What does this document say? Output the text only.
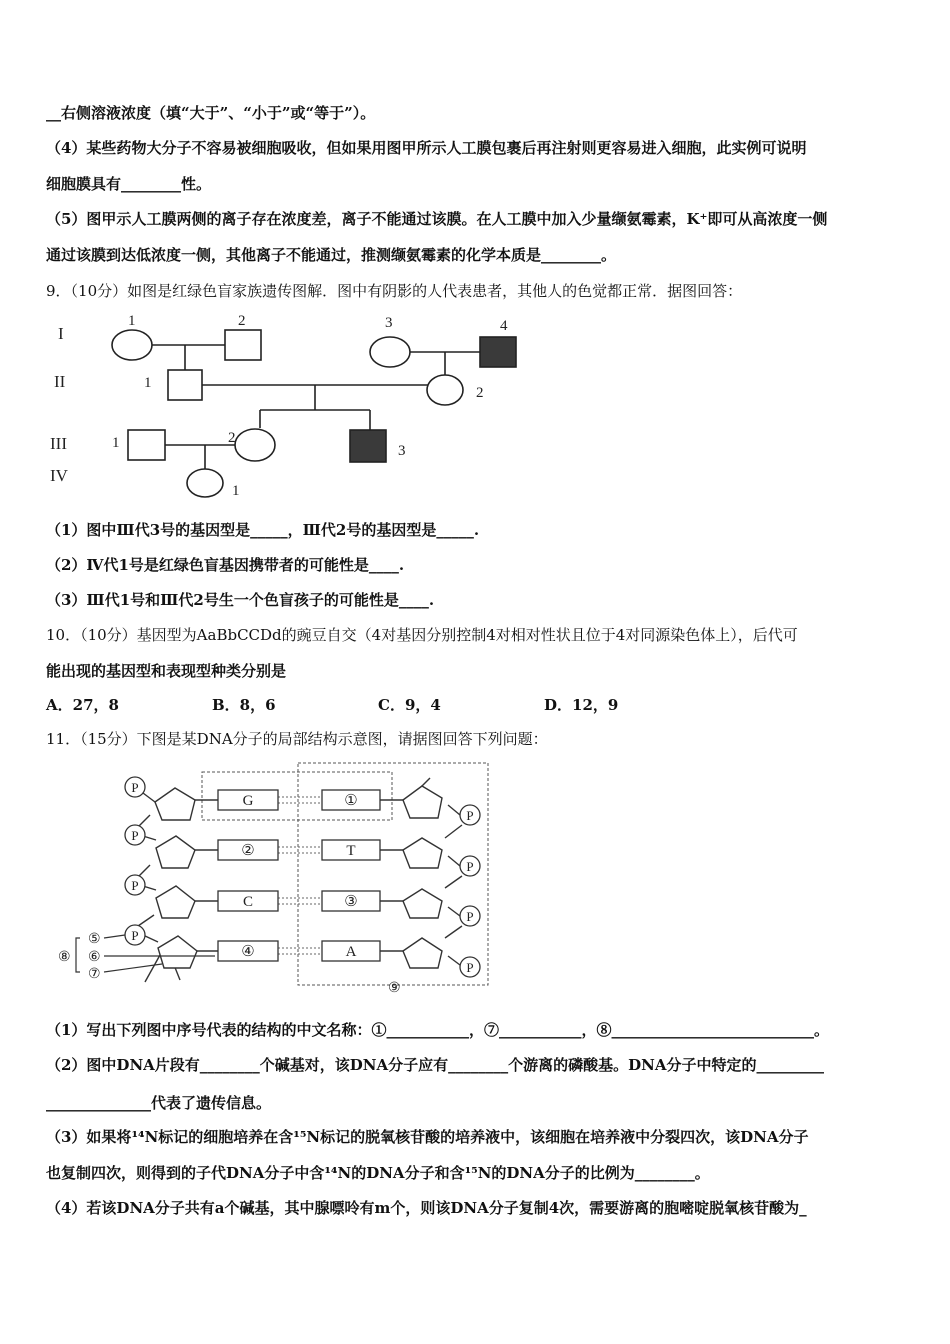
__右侧溶液浓度（填“大于”、“小于”或“等于”）。
（4）某些药物大分子不容易被细胞吸收，但如果用图甲所示人工膜包裹后再注射则更容易进入细胞，此实例可说明
细胞膜具有________性。
（5）图甲示人工膜两侧的离子存在浓度差，离子不能通过该膜。在人工膜中加入少量缬氨霉素，K⁺即可从高浓度一侧
通过该膜到达低浓度一侧，其他离子不能通过，推测缬氨霉素的化学本质是________。
9．（10分）如图是红绿色盲家族遗传图解．图中有阴影的人代表患者，其他人的色觉都正常．据图回答：
I
II
III
IV
1	2	3	4
1
2
1	2
3
1
（1）图中Ⅲ代3号的基因型是_____，Ⅲ代2号的基因型是_____.
（2）Ⅳ代1号是红绿色盲基因携带者的可能性是____.
（3）Ⅲ代1号和Ⅲ代2号生一个色盲孩子的可能性是____.
10．（10分）基因型为AaBbCCDd的豌豆自交（4对基因分别控制4对相对性状且位于4对同源染色体上），后代可
能出现的基因型和表现型种类分别是
A．27，8	B．8，6	C．9，4	D．12，9
11．（15分）下图是某DNA分子的局部结构示意图，请据图回答下列问题：
P
P
P
P
P
P
P
P
G
②
C
④
①
T
③
A
⑤
⑥
⑦
⑧
⑨
（1）写出下列图中序号代表的结构的中文名称：①___________，⑦___________，⑧___________________________。
（2）图中DNA片段有________个碱基对，该DNA分子应有________个游离的磷酸基。DNA分子中特定的_________
______________代表了遗传信息。
（3）如果将¹⁴N标记的细胞培养在含¹⁵N标记的脱氧核苷酸的培养液中，该细胞在培养液中分裂四次，该DNA分子
也复制四次，则得到的子代DNA分子中含¹⁴N的DNA分子和含¹⁵N的DNA分子的比例为________。
（4）若该DNA分子共有a个碱基，其中腺嘌呤有m个，则该DNA分子复制4次，需要游离的胞嘧啶脱氧核苷酸为_
